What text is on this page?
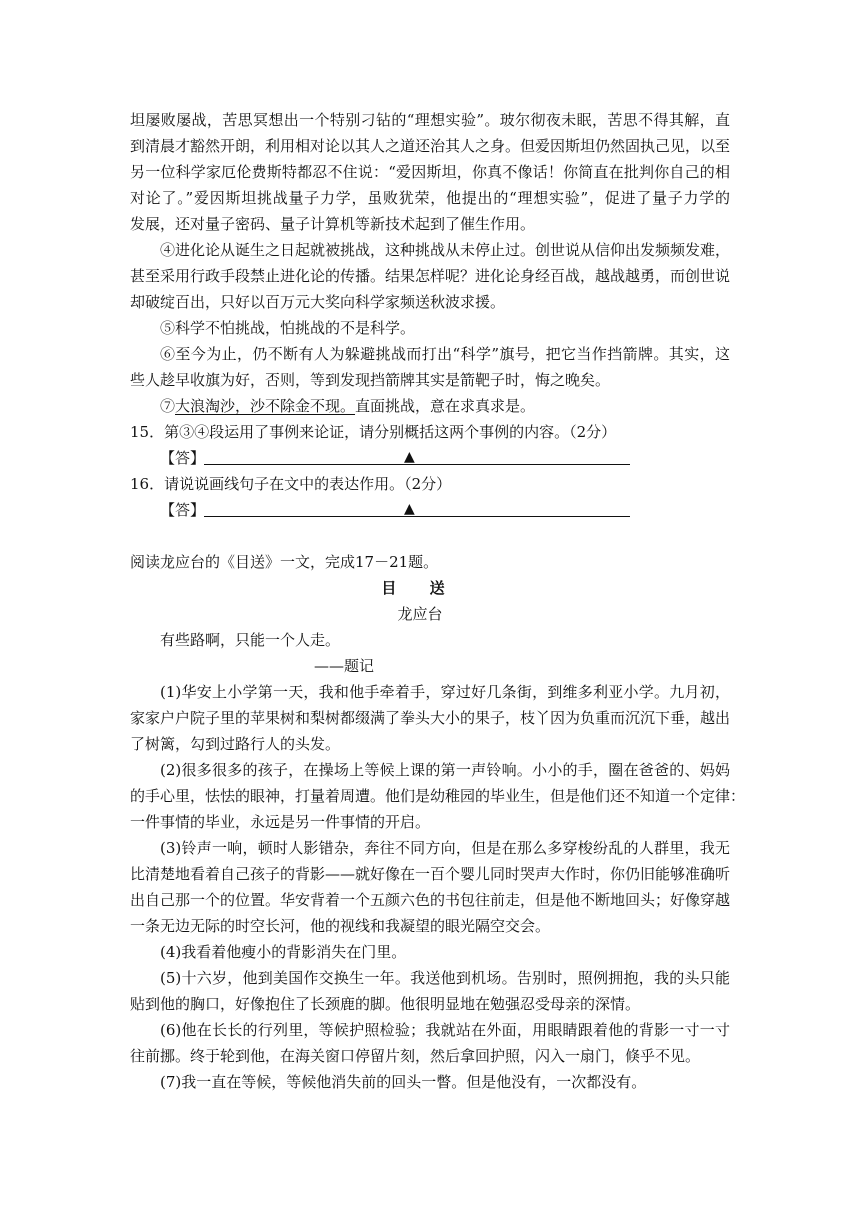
坦屡败屡战，苦思冥想出一个特别刁钻的“理想实验”。玻尔彻夜未眠，苦思不得其解，直
到清晨才豁然开朗，利用相对论以其人之道还治其人之身。但爱因斯坦仍然固执己见，以至
另一位科学家厄伦费斯特都忍不住说：“爱因斯坦，你真不像话！你简直在批判你自己的相
对论了。”爱因斯坦挑战量子力学，虽败犹荣，他提出的“理想实验”，促进了量子力学的
发展，还对量子密码、量子计算机等新技术起到了催生作用。
④进化论从诞生之日起就被挑战，这种挑战从未停止过。创世说从信仰出发频频发难，
甚至采用行政手段禁止进化论的传播。结果怎样呢？进化论身经百战，越战越勇，而创世说
却破绽百出，只好以百万元大奖向科学家频送秋波求援。
⑤科学不怕挑战，怕挑战的不是科学。
⑥至今为止，仍不断有人为躲避挑战而打出“科学”旗号，把它当作挡箭牌。其实，这
些人趁早收旗为好，否则，等到发现挡箭牌其实是箭靶子时，悔之晚矣。
⑦大浪淘沙，沙不除金不现。直面挑战，意在求真求是。
15．第③④段运用了事例来论证，请分别概括这两个事例的内容。（2分）
【答】	▲
16．请说说画线句子在文中的表达作用。（2分）
【答】	▲
阅读龙应台的《目送》一文，完成17－21题。
目 送
龙应台
有些路啊，只能一个人走。
——题记
(1)华安上小学第一天，我和他手牵着手，穿过好几条街，到维多利亚小学。九月初，
家家户户院子里的苹果树和梨树都缀满了拳头大小的果子，枝丫因为负重而沉沉下垂，越出
了树篱，勾到过路行人的头发。
(2)很多很多的孩子，在操场上等候上课的第一声铃响。小小的手，圈在爸爸的、妈妈
的手心里，怯怯的眼神，打量着周遭。他们是幼稚园的毕业生，但是他们还不知道一个定律：
一件事情的毕业，永远是另一件事情的开启。
(3)铃声一响，顿时人影错杂，奔往不同方向，但是在那么多穿梭纷乱的人群里，我无
比清楚地看着自己孩子的背影——就好像在一百个婴儿同时哭声大作时，你仍旧能够准确听
出自己那一个的位置。华安背着一个五颜六色的书包往前走，但是他不断地回头；好像穿越
一条无边无际的时空长河，他的视线和我凝望的眼光隔空交会。
(4)我看着他瘦小的背影消失在门里。
(5)十六岁，他到美国作交换生一年。我送他到机场。告别时，照例拥抱，我的头只能
贴到他的胸口，好像抱住了长颈鹿的脚。他很明显地在勉强忍受母亲的深情。
(6)他在长长的行列里，等候护照检验；我就站在外面，用眼睛跟着他的背影一寸一寸
往前挪。终于轮到他，在海关窗口停留片刻，然后拿回护照，闪入一扇门，倏乎不见。
(7)我一直在等候，等候他消失前的回头一瞥。但是他没有，一次都没有。
